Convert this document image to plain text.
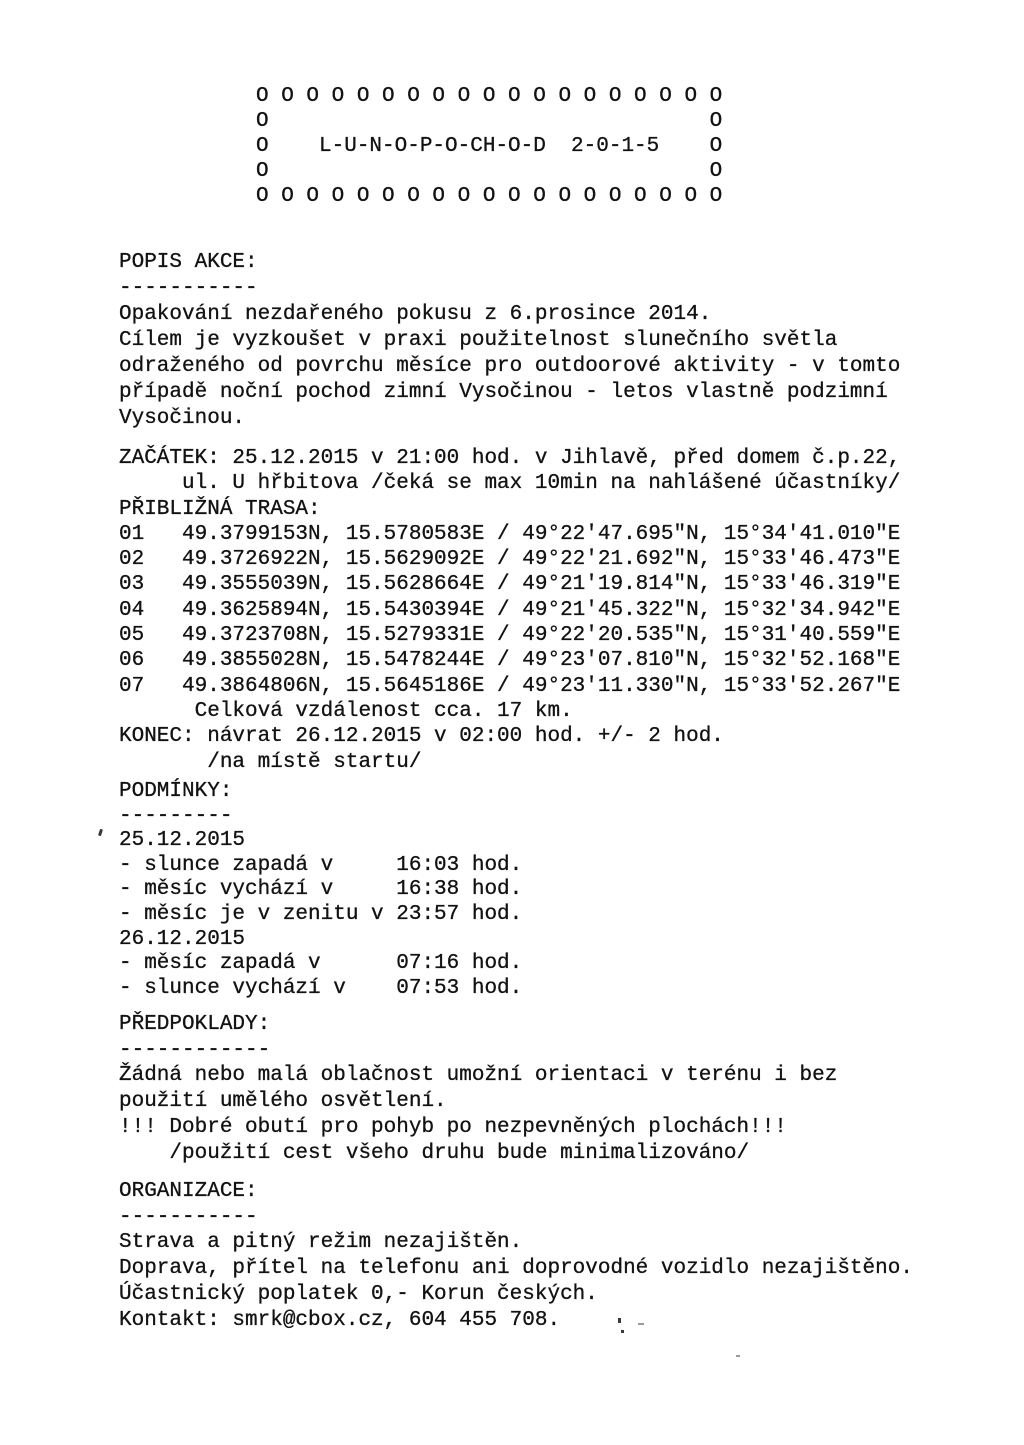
O O O O O O O O O O O O O O O O O O O
O                                   O
O    L-U-N-O-P-O-CH-O-D  2-0-1-5    O
O                                   O
O O O O O O O O O O O O O O O O O O O
POPIS AKCE:
-----------
Opakování nezdařeného pokusu z 6.prosince 2014.
Cílem je vyzkoušet v praxi použitelnost slunečního světla
odraženého od povrchu měsíce pro outdoorové aktivity - v tomto
případě noční pochod zimní Vysočinou - letos vlastně podzimní
Vysočinou.
ZAČÁTEK: 25.12.2015 v 21:00 hod. v Jihlavě, před domem č.p.22,
ul. U hřbitova /čeká se max 10min na nahlášené účastníky/
PŘIBLIŽNÁ TRASA:
01   49.3799153N, 15.5780583E / 49°22'47.695"N, 15°34'41.010"E
02   49.3726922N, 15.5629092E / 49°22'21.692"N, 15°33'46.473"E
03   49.3555039N, 15.5628664E / 49°21'19.814"N, 15°33'46.319"E
04   49.3625894N, 15.5430394E / 49°21'45.322"N, 15°32'34.942"E
05   49.3723708N, 15.5279331E / 49°22'20.535"N, 15°31'40.559"E
06   49.3855028N, 15.5478244E / 49°23'07.810"N, 15°32'52.168"E
07   49.3864806N, 15.5645186E / 49°23'11.330"N, 15°33'52.267"E
Celková vzdálenost cca. 17 km.
KONEC: návrat 26.12.2015 v 02:00 hod. +/- 2 hod.
/na místě startu/
PODMÍNKY:
---------
25.12.2015
- slunce zapadá v     16:03 hod.
- měsíc vychází v     16:38 hod.
- měsíc je v zenitu v 23:57 hod.
26.12.2015
- měsíc zapadá v      07:16 hod.
- slunce vychází v    07:53 hod.
PŘEDPOKLADY:
------------
Žádná nebo malá oblačnost umožní orientaci v terénu i bez
použití umělého osvětlení.
!!! Dobré obutí pro pohyb po nezpevněných plochách!!!
/použití cest všeho druhu bude minimalizováno/
ORGANIZACE:
-----------
Strava a pitný režim nezajištěn.
Doprava, přítel na telefonu ani doprovodné vozidlo nezajištěno.
Účastnický poplatek 0,- Korun českých.
Kontakt: smrk@cbox.cz, 604 455 708.
